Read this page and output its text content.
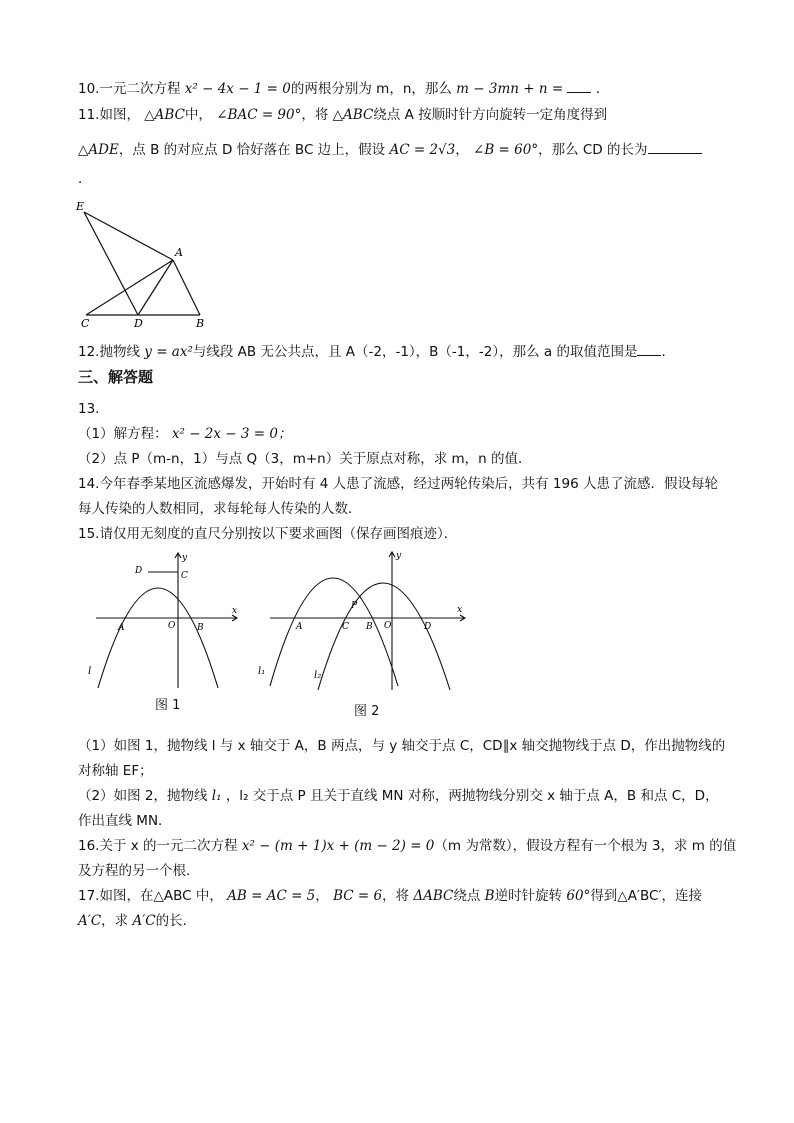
10.一元二次方程 x² − 4x − 1 = 0的两根分别为 m，n，那么 m − 3mn + n = ．
11.如图， △ABC中， ∠BAC = 90°，将 △ABC绕点 A 按顺时针方向旋转一定角度得到
△ADE，点 B 的对应点 D 恰好落在 BC 边上，假设 AC = 2√3， ∠B = 60°，那么 CD 的长为
．
E
A
C	D	B
12.抛物线 y = ax²与线段 AB 无公共点，且 A（-2，-1），B（-1，-2），那么 a 的取值范围是 ．
三、解答题
13.
（1）解方程： x² − 2x − 3 = 0；
（2）点 P（m-n，1）与点 Q（3，m+n）关于原点对称，求 m，n 的值．
14.今年春季某地区流感爆发，开始时有 4 人患了流感，经过两轮传染后，共有 196 人患了流感．假设每轮
每人传染的人数相同，求每轮每人传染的人数．
15.请仅用无刻度的直尺分别按以下要求画图（保存画图痕迹）．
y
x
D	C
A	O B
l
图 1
y
x
P
A	C B O	D
l₁	l₂
图 2
（1）如图 1，抛物线 l 与 x 轴交于 A，B 两点，与 y 轴交于点 C，CD∥x 轴交抛物线于点 D，作出抛物线的
对称轴 EF；
（2）如图 2，抛物线 l₁ ，l₂ 交于点 P 且关于直线 MN 对称，两抛物线分别交 x 轴于点 A，B 和点 C，D，
作出直线 MN．
16.关于 x 的一元二次方程 x² − (m + 1)x + (m − 2) = 0（m 为常数），假设方程有一个根为 3，求 m 的值
及方程的另一个根．
17.如图，在△ABC 中， AB = AC = 5， BC = 6，将 ΔABC绕点 B逆时针旋转 60°得到△A′BC′，连接
A′C，求 A′C的长．
